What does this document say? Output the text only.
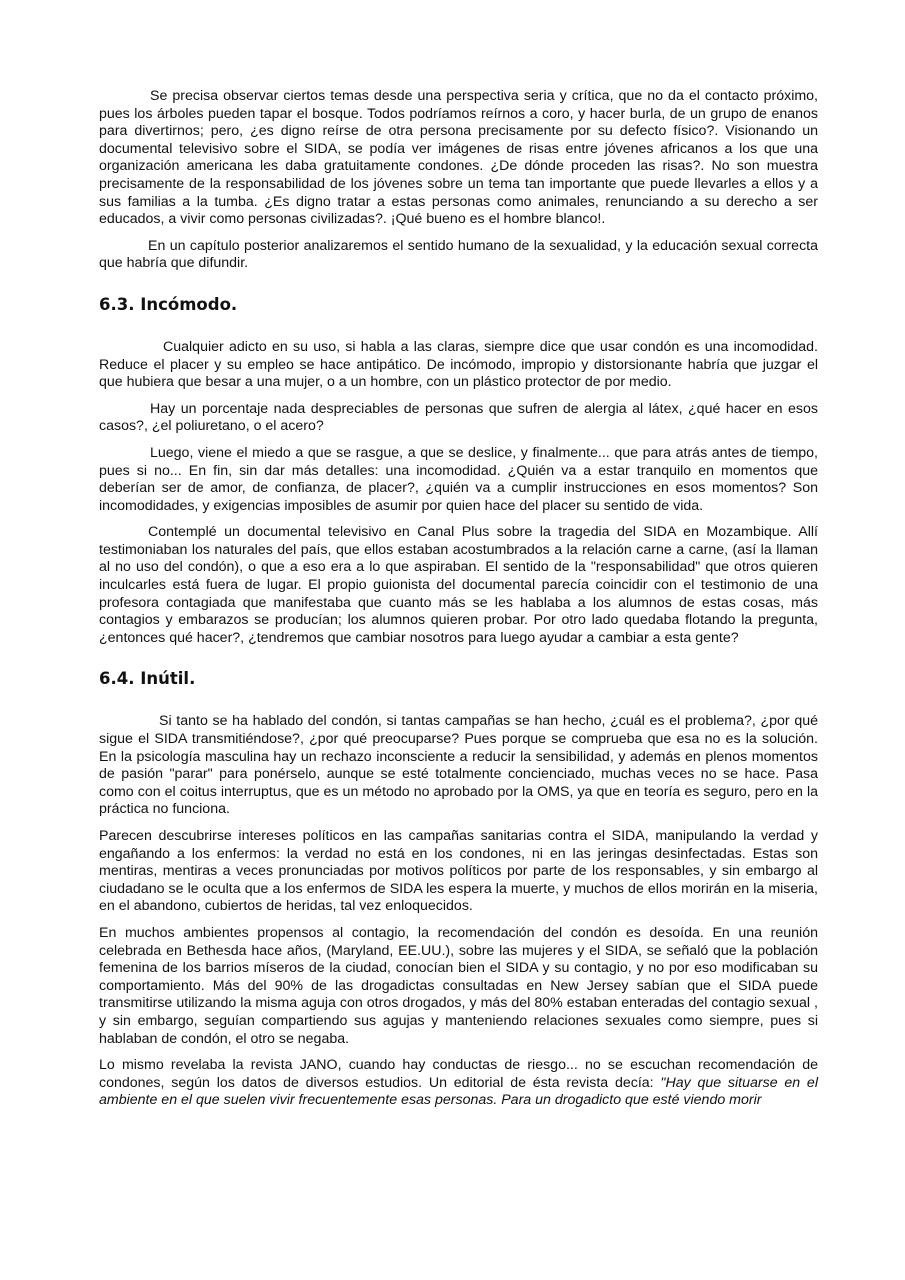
Se precisa observar ciertos temas desde una perspectiva seria y crítica, que no da el contacto próximo, pues los árboles pueden tapar el bosque. Todos podríamos reírnos a coro, y hacer burla, de un grupo de enanos para divertirnos; pero, ¿es digno reírse de otra persona precisamente por su defecto físico?. Visionando un documental televisivo sobre el SIDA, se podía ver imágenes de risas entre jóvenes africanos a los que una organización americana les daba gratuitamente condones. ¿De dónde proceden las risas?. No son muestra precisamente de la responsabilidad de los jóvenes sobre un tema tan importante que puede llevarles a ellos y a sus familias a la tumba. ¿Es digno tratar a estas personas como animales, renunciando a su derecho a ser educados, a vivir como personas civilizadas?. ¡Qué bueno es el hombre blanco!.

En un capítulo posterior analizaremos el sentido humano de la sexualidad, y la educación sexual correcta que habría que difundir.

6.3. Incómodo.

Cualquier adicto en su uso, si habla a las claras, siempre dice que usar condón es una incomodidad. Reduce el placer y su empleo se hace antipático. De incómodo, impropio y distorsionante habría que juzgar el que hubiera que besar a una mujer, o a un hombre, con un plástico protector de por medio.

Hay un porcentaje nada despreciables de personas que sufren de alergia al látex, ¿qué hacer en esos casos?, ¿el poliuretano, o el acero?

Luego, viene el miedo a que se rasgue, a que se deslice, y finalmente... que para atrás antes de tiempo, pues si no... En fin, sin dar más detalles: una incomodidad. ¿Quién va a estar tranquilo en momentos que deberían ser de amor, de confianza, de placer?, ¿quién va a cumplir instrucciones en esos momentos? Son incomodidades, y exigencias imposibles de asumir por quien hace del placer su sentido de vida.

Contemplé un documental televisivo en Canal Plus sobre la tragedia del SIDA en Mozambique. Allí testimoniaban los naturales del país, que ellos estaban acostumbrados a la relación carne a carne, (así la llaman al no uso del condón), o que a eso era a lo que aspiraban. El sentido de la "responsabilidad" que otros quieren inculcarles está fuera de lugar. El propio guionista del documental parecía coincidir con el testimonio de una profesora contagiada que manifestaba que cuanto más se les hablaba a los alumnos de estas cosas, más contagios y embarazos se producían; los alumnos quieren probar. Por otro lado quedaba flotando la pregunta, ¿entonces qué hacer?, ¿tendremos que cambiar nosotros para luego ayudar a cambiar a esta gente?

6.4. Inútil.

Si tanto se ha hablado del condón, si tantas campañas se han hecho, ¿cuál es el problema?, ¿por qué sigue el SIDA transmitiéndose?, ¿por qué preocuparse? Pues porque se comprueba que esa no es la solución. En la psicología masculina hay un rechazo inconsciente a reducir la sensibilidad, y además en plenos momentos de pasión "parar" para ponérselo, aunque se esté totalmente concienciado, muchas veces no se hace. Pasa como con el coitus interruptus, que es un método no aprobado por la OMS, ya que en teoría es seguro, pero en la práctica no funciona.

Parecen descubrirse intereses políticos en las campañas sanitarias contra el SIDA, manipulando la verdad y engañando a los enfermos: la verdad no está en los condones, ni en las jeringas desinfectadas. Estas son mentiras, mentiras a veces pronunciadas por motivos políticos por parte de los responsables, y sin embargo al ciudadano se le oculta que a los enfermos de SIDA les espera la muerte, y muchos de ellos morirán en la miseria, en el abandono, cubiertos de heridas, tal vez enloquecidos.

En muchos ambientes propensos al contagio, la recomendación del condón es desoída. En una reunión celebrada en Bethesda hace años, (Maryland, EE.UU.), sobre las mujeres y el SIDA, se señaló que la población femenina de los barrios míseros de la ciudad, conocían bien el SIDA y su contagio, y no por eso modificaban su comportamiento. Más del 90% de las drogadictas consultadas en New Jersey sabían que el SIDA puede transmitirse utilizando la misma aguja con otros drogados, y más del 80% estaban enteradas del contagio sexual , y sin embargo, seguían compartiendo sus agujas y manteniendo relaciones sexuales como siempre, pues si hablaban de condón, el otro se negaba.

Lo mismo revelaba la revista JANO, cuando hay conductas de riesgo... no se escuchan recomendación de condones, según los datos de diversos estudios. Un editorial de ésta revista decía: "Hay que situarse en el ambiente en el que suelen vivir frecuentemente esas personas. Para un drogadicto que esté viendo morir
